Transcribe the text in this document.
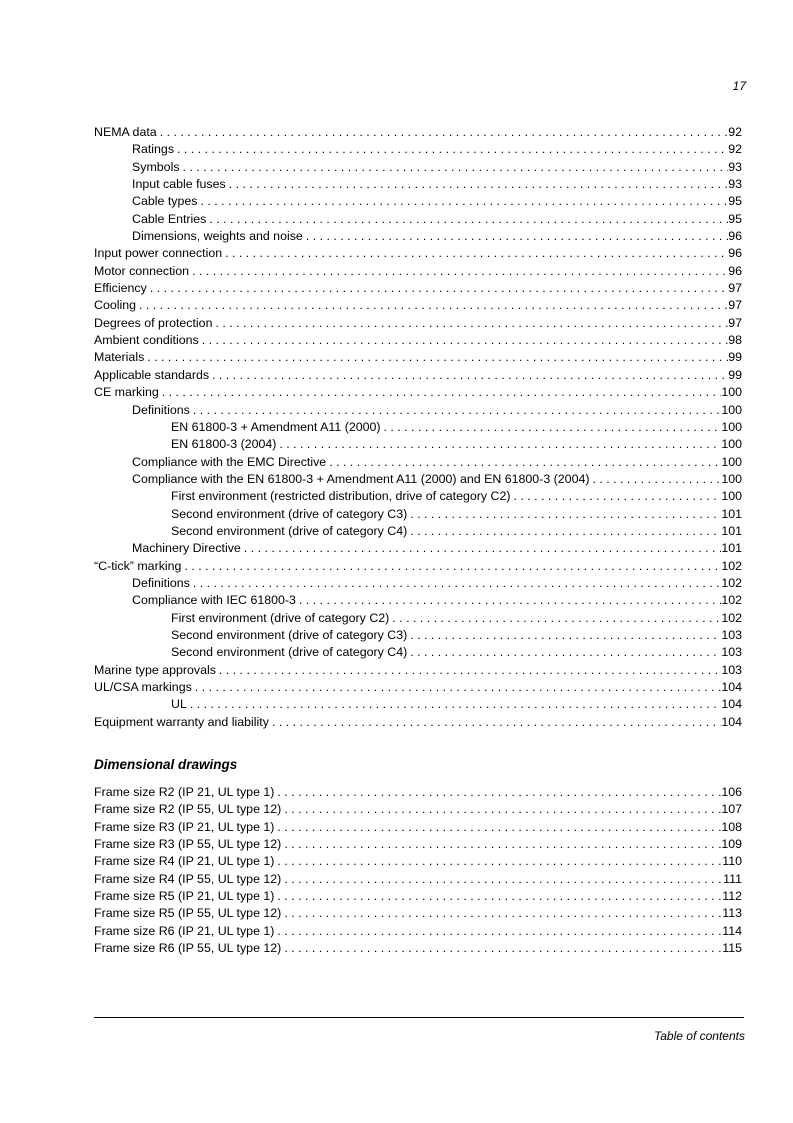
17
NEMA data . . .	92
Ratings . . .	92
Symbols . . .	93
Input cable fuses . . .	93
Cable types . . .	95
Cable Entries . . .	95
Dimensions, weights and noise . . .	96
Input power connection . . .	96
Motor connection . . .	96
Efficiency . . .	97
Cooling . . .	97
Degrees of protection . . .	97
Ambient conditions . . .	98
Materials . . .	99
Applicable standards . . .	99
CE marking . . .	100
Definitions . . .	100
EN 61800-3 + Amendment A11 (2000) . . .	100
EN 61800-3 (2004) . . .	100
Compliance with the EMC Directive . . .	100
Compliance with the EN 61800-3 + Amendment A11 (2000) and EN 61800-3 (2004) . . .	100
First environment (restricted distribution, drive of category C2) . . .	100
Second environment (drive of category C3) . . .	101
Second environment (drive of category C4) . . .	101
Machinery Directive . . .	101
“C-tick” marking . . .	102
Definitions . . .	102
Compliance with IEC 61800-3 . . .	102
First environment (drive of category C2) . . .	102
Second environment (drive of category C3) . . .	103
Second environment (drive of category C4) . . .	103
Marine type approvals . . .	103
UL/CSA markings . . .	104
UL . . .	104
Equipment warranty and liability . . .	104
Dimensional drawings
Frame size R2 (IP 21, UL type 1) . . .	106
Frame size R2 (IP 55, UL type 12) . . .	107
Frame size R3 (IP 21, UL type 1) . . .	108
Frame size R3 (IP 55, UL type 12) . . .	109
Frame size R4 (IP 21, UL type 1) . . .	110
Frame size R4 (IP 55, UL type 12) . . .	111
Frame size R5 (IP 21, UL type 1) . . .	112
Frame size R5 (IP 55, UL type 12) . . .	113
Frame size R6 (IP 21, UL type 1) . . .	114
Frame size R6 (IP 55, UL type 12) . . .	115
Table of contents
